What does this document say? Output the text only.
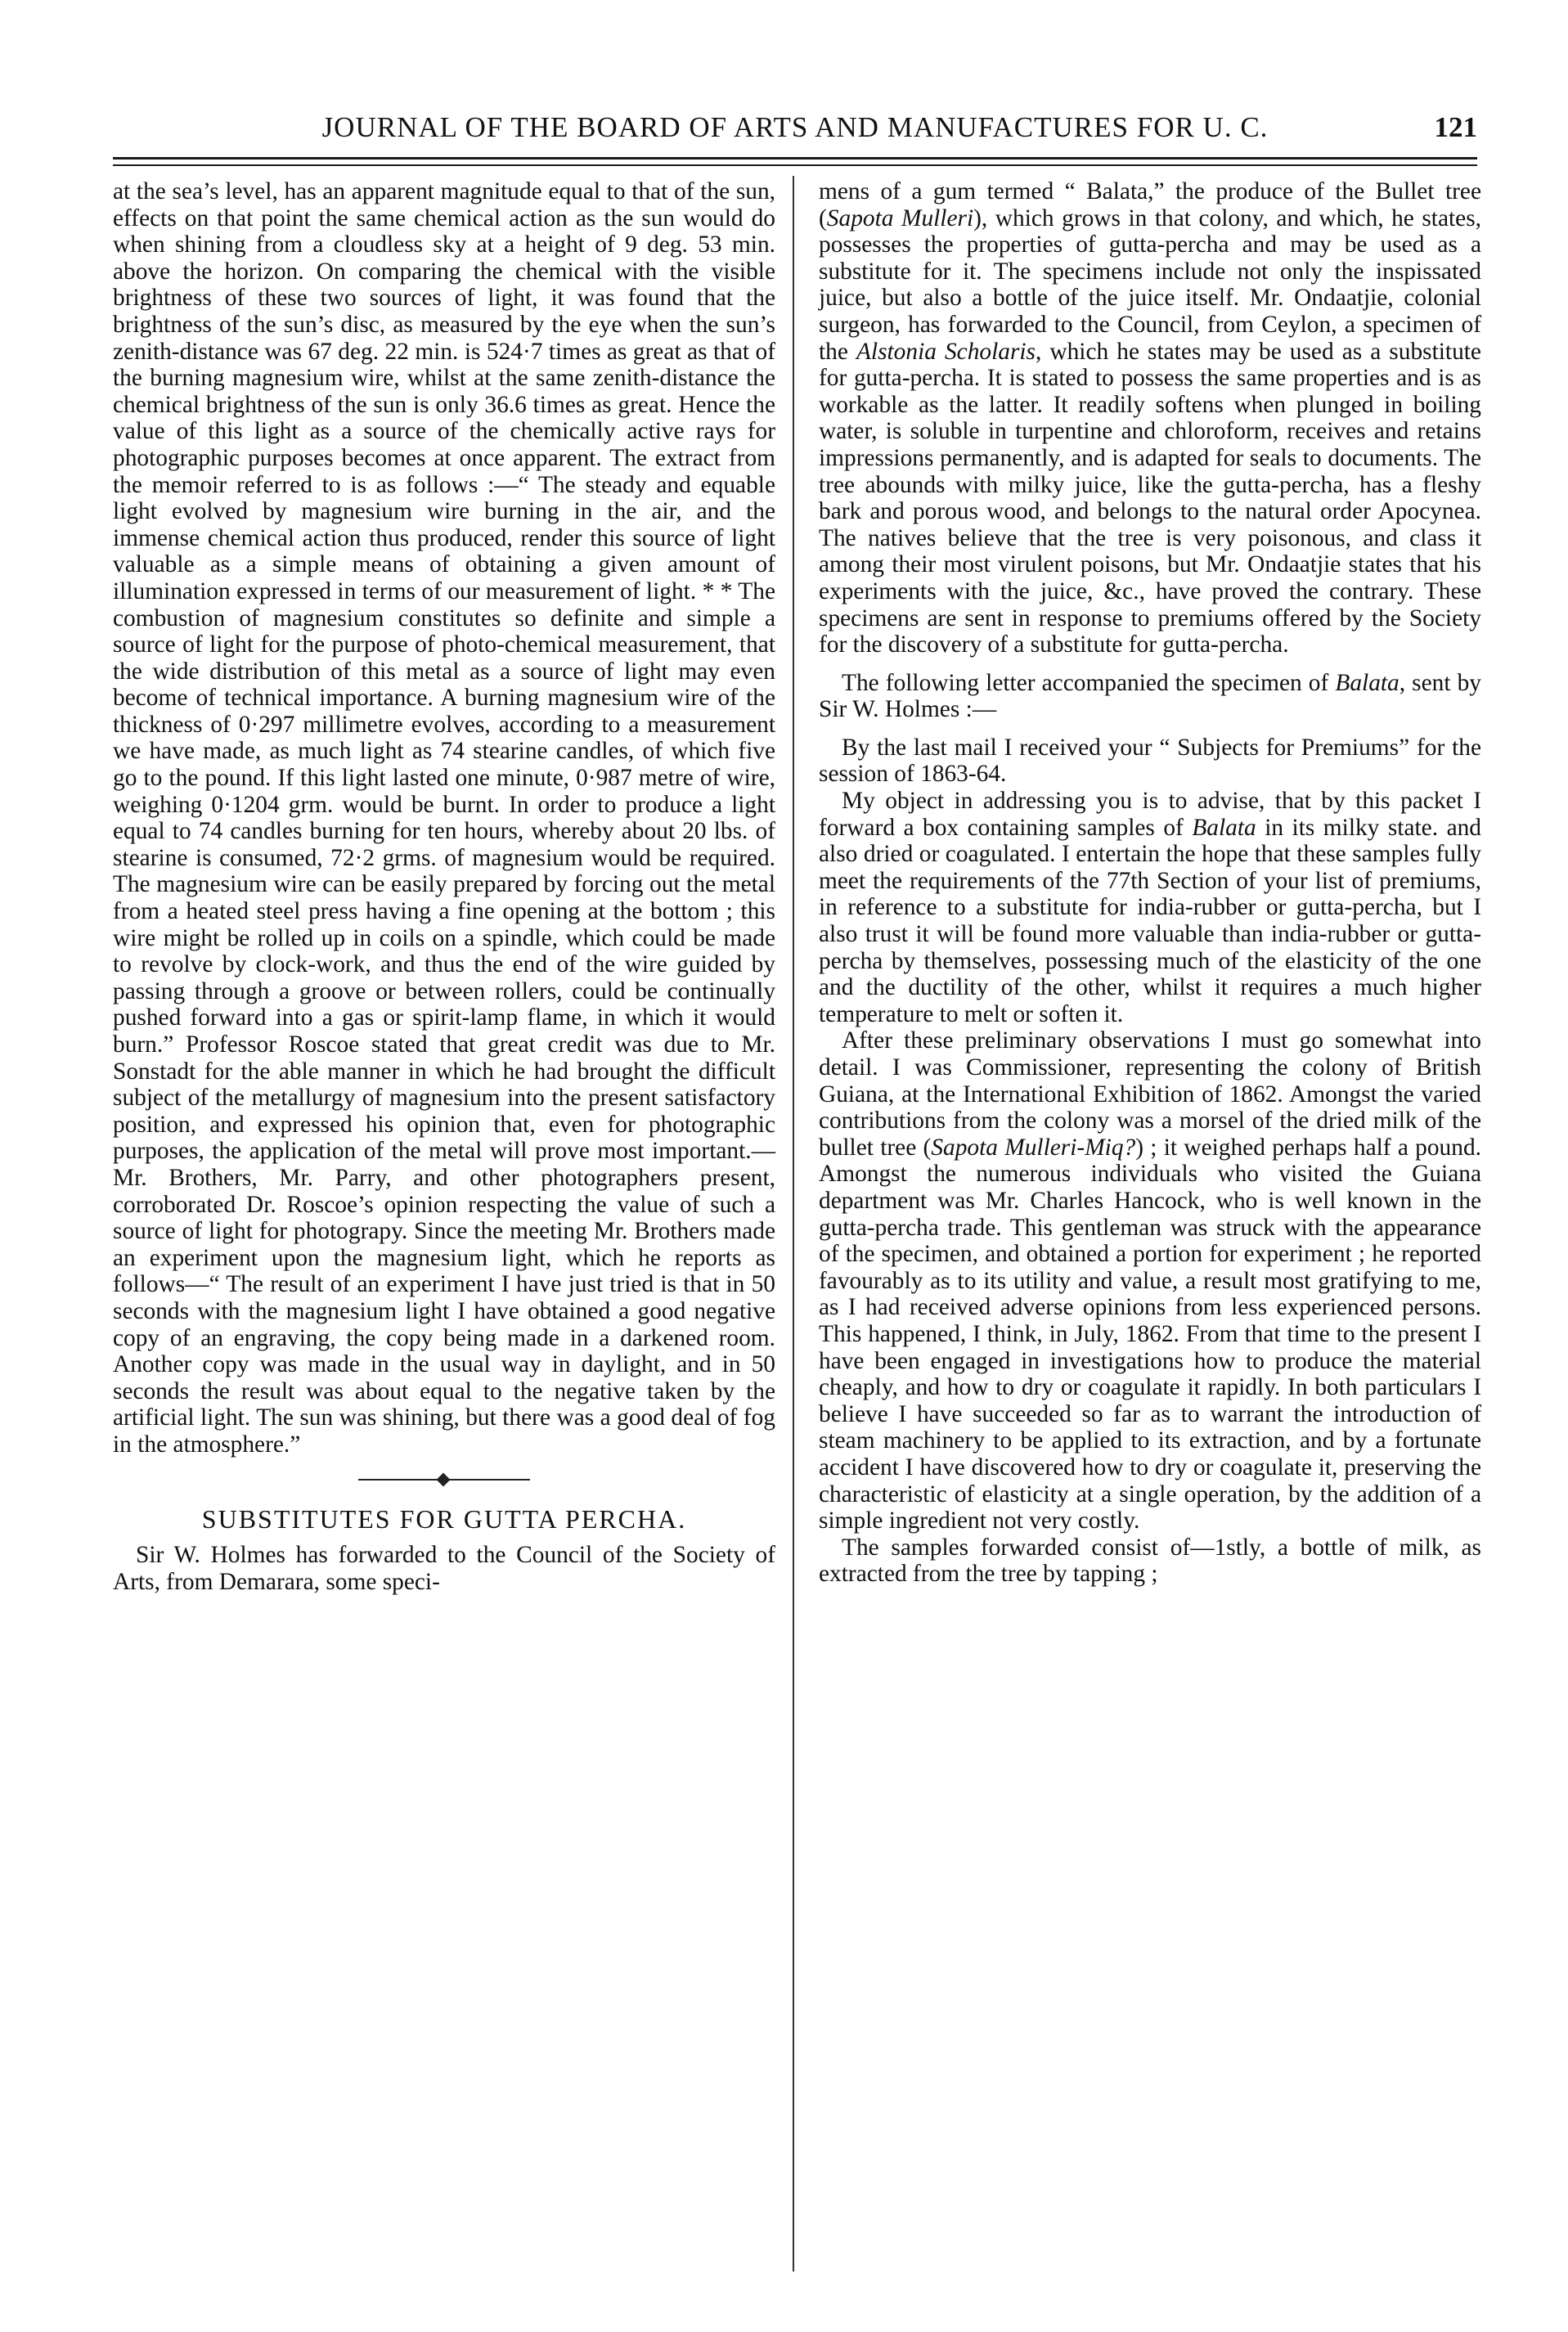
JOURNAL OF THE BOARD OF ARTS AND MANUFACTURES FOR U. C.	121

at the sea’s level, has an apparent magnitude equal to that of the sun, effects on that point the same chemical action as the sun would do when shining from a cloudless sky at a height of 9 deg. 53 min. above the horizon. On comparing the chemical with the visible brightness of these two sources of light, it was found that the brightness of the sun’s disc, as measured by the eye when the sun’s zenith-distance was 67 deg. 22 min. is 524·7 times as great as that of the burning magnesium wire, whilst at the same zenith-distance the chemical brightness of the sun is only 36.6 times as great. Hence the value of this light as a source of the chemically active rays for photographic purposes becomes at once apparent. The extract from the memoir referred to is as follows :—“ The steady and equable light evolved by magnesium wire burning in the air, and the immense chemical action thus produced, render this source of light valuable as a simple means of obtaining a given amount of illumination expressed in terms of our measurement of light. * * The combustion of magnesium constitutes so definite and simple a source of light for the purpose of photo-chemical measurement, that the wide distribution of this metal as a source of light may even become of technical importance. A burning magnesium wire of the thickness of 0·297 millimetre evolves, according to a measurement we have made, as much light as 74 stearine candles, of which five go to the pound. If this light lasted one minute, 0·987 metre of wire, weighing 0·1204 grm. would be burnt. In order to produce a light equal to 74 candles burning for ten hours, whereby about 20 lbs. of stearine is consumed, 72·2 grms. of magnesium would be required. The magnesium wire can be easily prepared by forcing out the metal from a heated steel press having a fine opening at the bottom ; this wire might be rolled up in coils on a spindle, which could be made to revolve by clock-work, and thus the end of the wire guided by passing through a groove or between rollers, could be continually pushed forward into a gas or spirit-lamp flame, in which it would burn.” Professor Roscoe stated that great credit was due to Mr. Sonstadt for the able manner in which he had brought the difficult subject of the metallurgy of magnesium into the present satisfactory position, and expressed his opinion that, even for photographic purposes, the application of the metal will prove most important.—Mr. Brothers, Mr. Parry, and other photographers present, corroborated Dr. Roscoe’s opinion respecting the value of such a source of light for photograpy. Since the meeting Mr. Brothers made an experiment upon the magnesium light, which he reports as follows—“ The result of an experiment I have just tried is that in 50 seconds with the magnesium light I have obtained a good negative copy of an engraving, the copy being made in a darkened room. Another copy was made in the usual way in daylight, and in 50 seconds the result was about equal to the negative taken by the artificial light. The sun was shining, but there was a good deal of fog in the atmosphere.”

SUBSTITUTES FOR GUTTA PERCHA.

Sir W. Holmes has forwarded to the Council of the Society of Arts, from Demarara, some speci-

mens of a gum termed “ Balata,” the produce of the Bullet tree (Sapota Mulleri), which grows in that colony, and which, he states, possesses the properties of gutta-percha and may be used as a substitute for it. The specimens include not only the inspissated juice, but also a bottle of the juice itself. Mr. Ondaatjie, colonial surgeon, has forwarded to the Council, from Ceylon, a specimen of the Alstonia Scholaris, which he states may be used as a substitute for gutta-percha. It is stated to possess the same properties and is as workable as the latter. It readily softens when plunged in boiling water, is soluble in turpentine and chloroform, receives and retains impressions permanently, and is adapted for seals to documents. The tree abounds with milky juice, like the gutta-percha, has a fleshy bark and porous wood, and belongs to the natural order Apocynea. The natives believe that the tree is very poisonous, and class it among their most virulent poisons, but Mr. Ondaatjie states that his experiments with the juice, &c., have proved the contrary. These specimens are sent in response to premiums offered by the Society for the discovery of a substitute for gutta-percha.

The following letter accompanied the specimen of Balata, sent by Sir W. Holmes :—

By the last mail I received your “ Subjects for Premiums” for the session of 1863-64.

My object in addressing you is to advise, that by this packet I forward a box containing samples of Balata in its milky state. and also dried or coagulated. I entertain the hope that these samples fully meet the requirements of the 77th Section of your list of premiums, in reference to a substitute for india-rubber or gutta-percha, but I also trust it will be found more valuable than india-rubber or gutta-percha by themselves, possessing much of the elasticity of the one and the ductility of the other, whilst it requires a much higher temperature to melt or soften it.

After these preliminary observations I must go somewhat into detail. I was Commissioner, representing the colony of British Guiana, at the International Exhibition of 1862. Amongst the varied contributions from the colony was a morsel of the dried milk of the bullet tree (Sapota Mulleri-Miq?) ; it weighed perhaps half a pound. Amongst the numerous individuals who visited the Guiana department was Mr. Charles Hancock, who is well known in the gutta-percha trade. This gentleman was struck with the appearance of the specimen, and obtained a portion for experiment ; he reported favourably as to its utility and value, a result most gratifying to me, as I had received adverse opinions from less experienced persons. This happened, I think, in July, 1862. From that time to the present I have been engaged in investigations how to produce the material cheaply, and how to dry or coagulate it rapidly. In both particulars I believe I have succeeded so far as to warrant the introduction of steam machinery to be applied to its extraction, and by a fortunate accident I have discovered how to dry or coagulate it, preserving the characteristic of elasticity at a single operation, by the addition of a simple ingredient not very costly.

The samples forwarded consist of—1stly, a bottle of milk, as extracted from the tree by tapping ;
